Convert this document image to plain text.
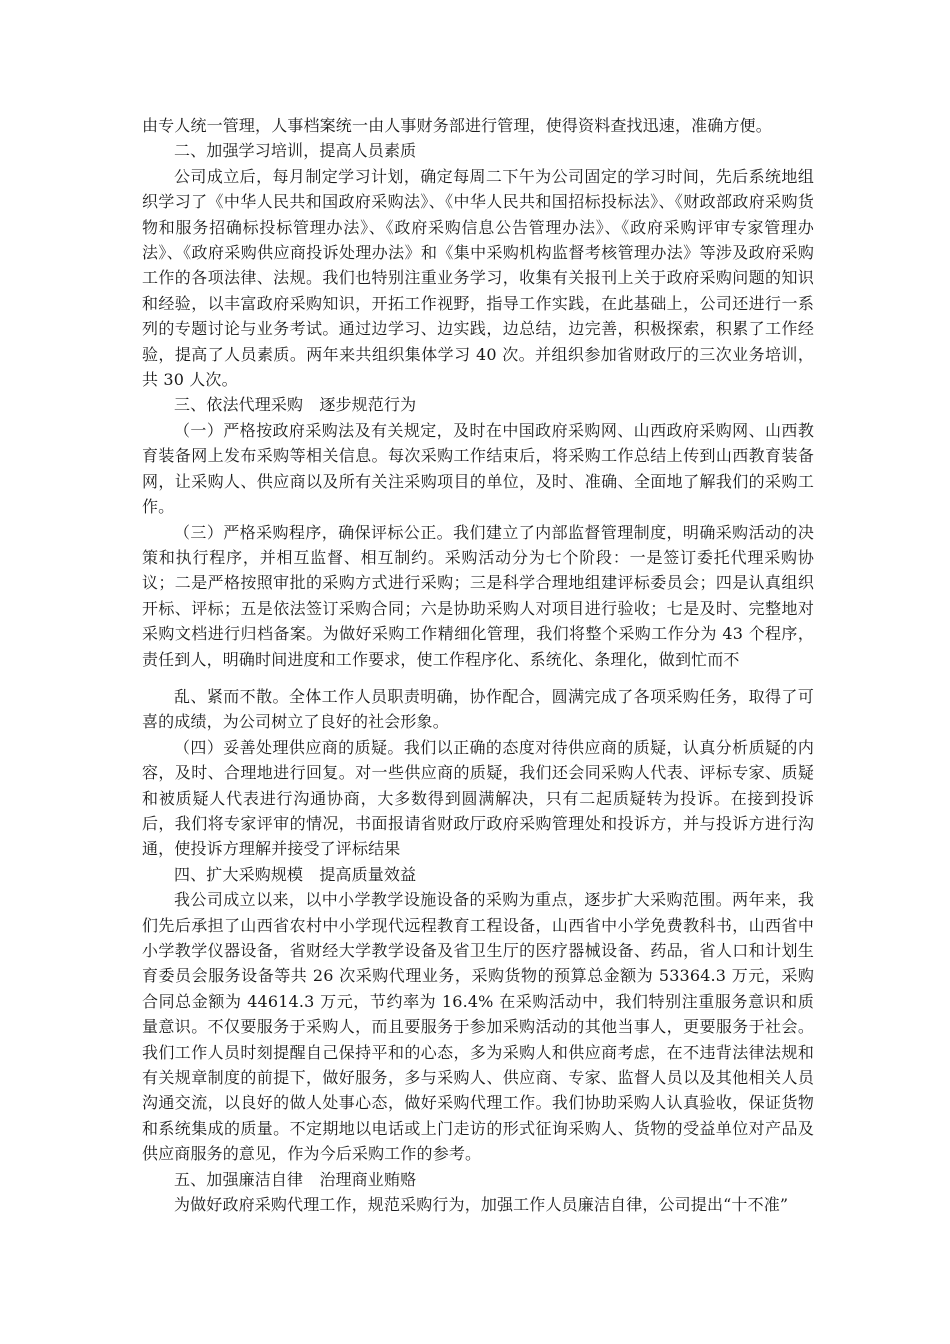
由专人统一管理，人事档案统一由人事财务部进行管理，使得资料查找迅速，准确方便。

二、加强学习培训，提高人员素质

公司成立后，每月制定学习计划，确定每周二下午为公司固定的学习时间，先后系统地组织学习了《中华人民共和国政府采购法》、《中华人民共和国招标投标法》、《财政部政府采购货物和服务招确标投标管理办法》、《政府采购信息公告管理办法》、《政府采购评审专家管理办法》、《政府采购供应商投诉处理办法》和《集中采购机构监督考核管理办法》等涉及政府采购工作的各项法律、法规。我们也特别注重业务学习，收集有关报刊上关于政府采购问题的知识和经验，以丰富政府采购知识，开拓工作视野，指导工作实践，在此基础上，公司还进行一系列的专题讨论与业务考试。通过边学习、边实践，边总结，边完善，积极探索，积累了工作经验，提高了人员素质。两年来共组织集体学习 40 次。并组织参加省财政厅的三次业务培训，共 30 人次。

三、依法代理采购　逐步规范行为

（一）严格按政府采购法及有关规定，及时在中国政府采购网、山西政府采购网、山西教育装备网上发布采购等相关信息。每次采购工作结束后，将采购工作总结上传到山西教育装备网，让采购人、供应商以及所有关注采购项目的单位，及时、准确、全面地了解我们的采购工作。

（三）严格采购程序，确保评标公正。我们建立了内部监督管理制度，明确采购活动的决策和执行程序，并相互监督、相互制约。采购活动分为七个阶段：一是签订委托代理采购协议；二是严格按照审批的采购方式进行采购；三是科学合理地组建评标委员会；四是认真组织开标、评标；五是依法签订采购合同；六是协助采购人对项目进行验收；七是及时、完整地对采购文档进行归档备案。为做好采购工作精细化管理，我们将整个采购工作分为 43 个程序，责任到人，明确时间进度和工作要求，使工作程序化、系统化、条理化，做到忙而不

乱、紧而不散。全体工作人员职责明确，协作配合，圆满完成了各项采购任务，取得了可喜的成绩，为公司树立了良好的社会形象。

（四）妥善处理供应商的质疑。我们以正确的态度对待供应商的质疑，认真分析质疑的内容，及时、合理地进行回复。对一些供应商的质疑，我们还会同采购人代表、评标专家、质疑和被质疑人代表进行沟通协商，大多数得到圆满解决，只有二起质疑转为投诉。在接到投诉后，我们将专家评审的情况，书面报请省财政厅政府采购管理处和投诉方，并与投诉方进行沟通，使投诉方理解并接受了评标结果

四、扩大采购规模　提高质量效益

我公司成立以来，以中小学教学设施设备的采购为重点，逐步扩大采购范围。两年来，我们先后承担了山西省农村中小学现代远程教育工程设备，山西省中小学免费教科书，山西省中小学教学仪器设备，省财经大学教学设备及省卫生厅的医疗器械设备、药品，省人口和计划生育委员会服务设备等共 26 次采购代理业务，采购货物的预算总金额为 53364.3 万元，采购合同总金额为 44614.3 万元，节约率为 16.4% 在采购活动中，我们特别注重服务意识和质量意识。不仅要服务于采购人，而且要服务于参加采购活动的其他当事人，更要服务于社会。我们工作人员时刻提醒自己保持平和的心态，多为采购人和供应商考虑，在不违背法律法规和有关规章制度的前提下，做好服务，多与采购人、供应商、专家、监督人员以及其他相关人员沟通交流，以良好的做人处事心态，做好采购代理工作。我们协助采购人认真验收，保证货物和系统集成的质量。不定期地以电话或上门走访的形式征询采购人、货物的受益单位对产品及供应商服务的意见，作为今后采购工作的参考。

五、加强廉洁自律　治理商业贿赂

为做好政府采购代理工作，规范采购行为，加强工作人员廉洁自律，公司提出“十不准”
